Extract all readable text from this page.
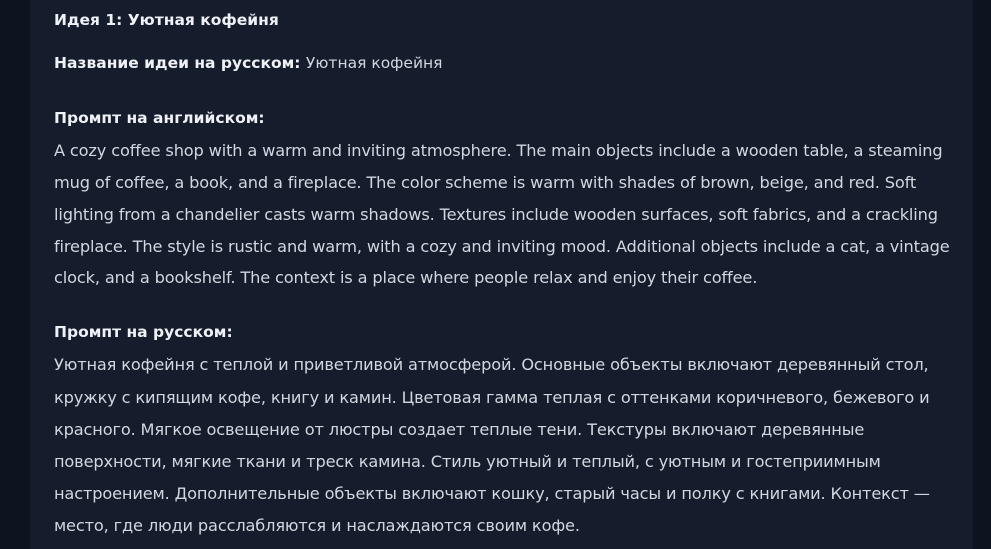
Идея 1: Уютная кофейня
Название идеи на русском: Уютная кофейня
Промпт на английском:
A cozy coffee shop with a warm and inviting atmosphere. The main objects include a wooden table, a steaming
mug of coffee, a book, and a fireplace. The color scheme is warm with shades of brown, beige, and red. Soft
lighting from a chandelier casts warm shadows. Textures include wooden surfaces, soft fabrics, and a crackling
fireplace. The style is rustic and warm, with a cozy and inviting mood. Additional objects include a cat, a vintage
clock, and a bookshelf. The context is a place where people relax and enjoy their coffee.
Промпт на русском:
Уютная кофейня с теплой и приветливой атмосферой. Основные объекты включают деревянный стол,
кружку с кипящим кофе, книгу и камин. Цветовая гамма теплая с оттенками коричневого, бежевого и
красного. Мягкое освещение от люстры создает теплые тени. Текстуры включают деревянные
поверхности, мягкие ткани и треск камина. Стиль уютный и теплый, с уютным и гостеприимным
настроением. Дополнительные объекты включают кошку, старый часы и полку с книгами. Контекст —
место, где люди расслабляются и наслаждаются своим кофе.
